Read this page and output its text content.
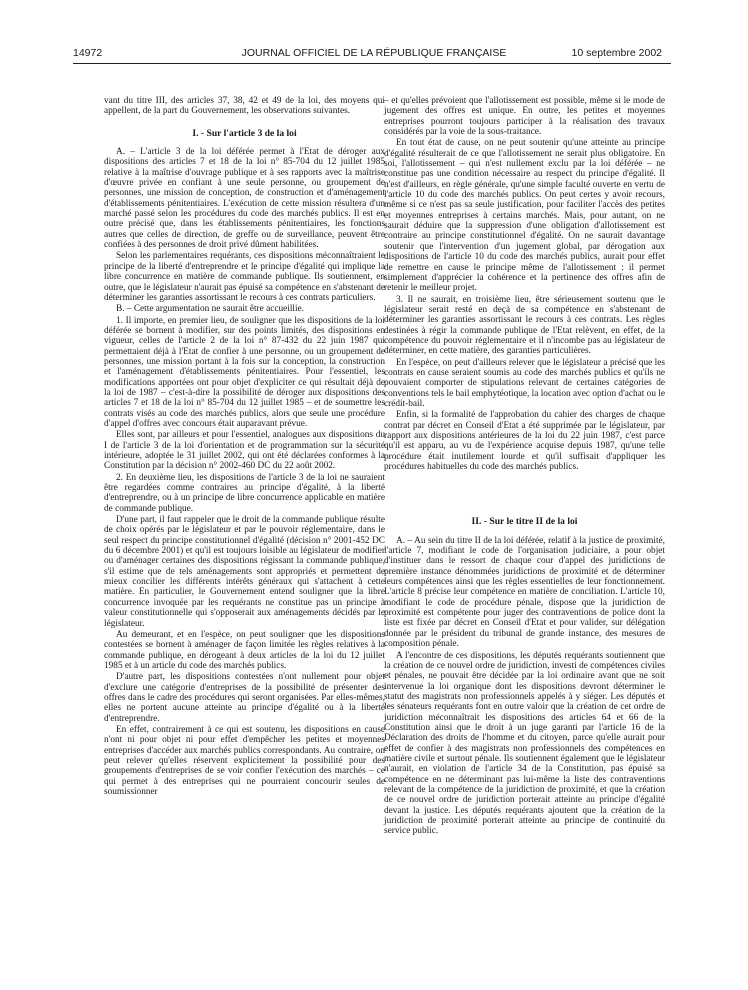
14972	JOURNAL OFFICIEL DE LA RÉPUBLIQUE FRANÇAISE	10 septembre 2002

vant du titre III, des articles 37, 38, 42 et 49 de la loi, des moyens qui appellent, de la part du Gouvernement, les observations suivantes.

I. - Sur l'article 3 de la loi

A. – L'article 3 de la loi déférée permet à l'Etat de déroger aux dispositions des articles 7 et 18 de la loi n° 85-704 du 12 juillet 1985 relative à la maîtrise d'ouvrage publique et à ses rapports avec la maîtrise d'œuvre privée en confiant à une seule personne, ou groupement de personnes, une mission de conception, de construction et d'aménagement d'établissements pénitentiaires. L'exécution de cette mission résultera d'un marché passé selon les procédures du code des marchés publics. Il est en outre précisé que, dans les établissements pénitentiaires, les fonctions autres que celles de direction, de greffe ou de surveillance, peuvent être confiées à des personnes de droit privé dûment habilitées.

Selon les parlementaires requérants, ces dispositions méconnaîtraient le principe de la liberté d'entreprendre et le principe d'égalité qui implique la libre concurrence en matière de commande publique. Ils soutiennent, en outre, que le législateur n'aurait pas épuisé sa compétence en s'abstenant de déterminer les garanties assortissant le recours à ces contrats particuliers.

B. – Cette argumentation ne saurait être accueillie.

1. Il importe, en premier lieu, de souligner que les dispositions de la loi déférée se bornent à modifier, sur des points limités, des dispositions en vigueur, celles de l'article 2 de la loi n° 87-432 du 22 juin 1987 qui permettaient déjà à l'Etat de confier à une personne, ou un groupement de personnes, une mission portant à la fois sur la conception, la construction et l'aménagement d'établissements pénitentiaires. Pour l'essentiel, les modifications apportées ont pour objet d'expliciter ce qui résultait déjà de la loi de 1987 – c'est-à-dire la possibilité de déroger aux dispositions des articles 7 et 18 de la loi n° 85-704 du 12 juillet 1985 – et de soumettre les contrats visés au code des marchés publics, alors que seule une procédure d'appel d'offres avec concours était auparavant prévue.

Elles sont, par ailleurs et pour l'essentiel, analogues aux dispositions du I de l'article 3 de la loi d'orientation et de programmation sur la sécurité intérieure, adoptée le 31 juillet 2002, qui ont été déclarées conformes à la Constitution par la décision n° 2002-460 DC du 22 août 2002.

2. En deuxième lieu, les dispositions de l'article 3 de la loi ne sauraient être regardées comme contraires au principe d'égalité, à la liberté d'entreprendre, ou à un principe de libre concurrence applicable en matière de commande publique.

D'une part, il faut rappeler que le droit de la commande publique résulte de choix opérés par le législateur et par le pouvoir réglementaire, dans le seul respect du principe constitutionnel d'égalité (décision n° 2001-452 DC du 6 décembre 2001) et qu'il est toujours loisible au législateur de modifier ou d'aménager certaines des dispositions régissant la commande publique, s'il estime que de tels aménagements sont appropriés et permettent de mieux concilier les différents intérêts généraux qui s'attachent à cette matière. En particulier, le Gouvernement entend souligner que la libre concurrence invoquée par les requérants ne constitue pas un principe à valeur constitutionnelle qui s'opposerait aux aménagements décidés par le législateur.

Au demeurant, et en l'espèce, on peut souligner que les dispositions contestées se bornent à aménager de façon limitée les règles relatives à la commande publique, en dérogeant à deux articles de la loi du 12 juillet 1985 et à un article du code des marchés publics.

D'autre part, les dispositions contestées n'ont nullement pour objet d'exclure une catégorie d'entreprises de la possibilité de présenter des offres dans le cadre des procédures qui seront organisées. Par elles-mêmes, elles ne portent aucune atteinte au principe d'égalité ou à la liberté d'entreprendre.

En effet, contrairement à ce qui est soutenu, les dispositions en cause n'ont ni pour objet ni pour effet d'empêcher les petites et moyennes entreprises d'accéder aux marchés publics correspondants. Au contraire, on peut relever qu'elles réservent explicitement la possibilité pour des groupements d'entreprises de se voir confier l'exécution des marchés – ce qui permet à des entreprises qui ne pourraient concourir seules de soumissionner

– et qu'elles prévoient que l'allotissement est possible, même si le mode de jugement des offres est unique. En outre, les petites et moyennes entreprises pourront toujours participer à la réalisation des travaux considérés par la voie de la sous-traitance.

En tout état de cause, on ne peut soutenir qu'une atteinte au principe d'égalité résulterait de ce que l'allotissement ne serait plus obligatoire. En soi, l'allotissement – qui n'est nullement exclu par la loi déférée – ne constitue pas une condition nécessaire au respect du principe d'égalité. Il n'est d'ailleurs, en règle générale, qu'une simple faculté ouverte en vertu de l'article 10 du code des marchés publics. On peut certes y avoir recours, même si ce n'est pas sa seule justification, pour faciliter l'accès des petites et moyennes entreprises à certains marchés. Mais, pour autant, on ne saurait déduire que la suppression d'une obligation d'allotissement est contraire au principe constitutionnel d'égalité. On ne saurait davantage soutenir que l'intervention d'un jugement global, par dérogation aux dispositions de l'article 10 du code des marchés publics, aurait pour effet de remettre en cause le principe même de l'allotissement : il permet simplement d'apprécier la cohérence et la pertinence des offres afin de retenir le meilleur projet.

3. Il ne saurait, en troisième lieu, être sérieusement soutenu que le législateur serait resté en deçà de sa compétence en s'abstenant de déterminer les garanties assortissant le recours à ces contrats. Les règles destinées à régir la commande publique de l'Etat relèvent, en effet, de la compétence du pouvoir réglementaire et il n'incombe pas au législateur de déterminer, en cette matière, des garanties particulières.

En l'espèce, on peut d'ailleurs relever que le législateur a précisé que les contrats en cause seraient soumis au code des marchés publics et qu'ils ne pouvaient comporter de stipulations relevant de certaines catégories de conventions tels le bail emphytéotique, la location avec option d'achat ou le crédit-bail.

Enfin, si la formalité de l'approbation du cahier des charges de chaque contrat par décret en Conseil d'Etat a été supprimée par le législateur, par rapport aux dispositions antérieures de la loi du 22 juin 1987, c'est parce qu'il est apparu, au vu de l'expérience acquise depuis 1987, qu'une telle procédure était inutilement lourde et qu'il suffisait d'appliquer les procédures habituelles du code des marchés publics.

II. - Sur le titre II de la loi

A. – Au sein du titre II de la loi déférée, relatif à la justice de proximité, l'article 7, modifiant le code de l'organisation judiciaire, a pour objet d'instituer dans le ressort de chaque cour d'appel des juridictions de première instance dénommées juridictions de proximité et de déterminer leurs compétences ainsi que les règles essentielles de leur fonctionnement. L'article 8 précise leur compétence en matière de conciliation. L'article 10, modifiant le code de procédure pénale, dispose que la juridiction de proximité est compétente pour juger des contraventions de police dont la liste est fixée par décret en Conseil d'Etat et pour valider, sur délégation donnée par le président du tribunal de grande instance, des mesures de composition pénale.

A l'encontre de ces dispositions, les députés requérants soutiennent que la création de ce nouvel ordre de juridiction, investi de compétences civiles et pénales, ne pouvait être décidée par la loi ordinaire avant que ne soit intervenue la loi organique dont les dispositions devront déterminer le statut des magistrats non professionnels appelés à y siéger. Les députés et les sénateurs requérants font en outre valoir que la création de cet ordre de juridiction méconnaîtrait les dispositions des articles 64 et 66 de la Constitution ainsi que le droit à un juge garanti par l'article 16 de la Déclaration des droits de l'homme et du citoyen, parce qu'elle aurait pour effet de confier à des magistrats non professionnels des compétences en matière civile et surtout pénale. Ils soutiennent également que le législateur n'aurait, en violation de l'article 34 de la Constitution, pas épuisé sa compétence en ne déterminant pas lui-même la liste des contraventions relevant de la compétence de la juridiction de proximité, et que la création de ce nouvel ordre de juridiction porterait atteinte au principe d'égalité devant la justice. Les députés requérants ajoutent que la création de la juridiction de proximité porterait atteinte au principe de continuité du service public.
